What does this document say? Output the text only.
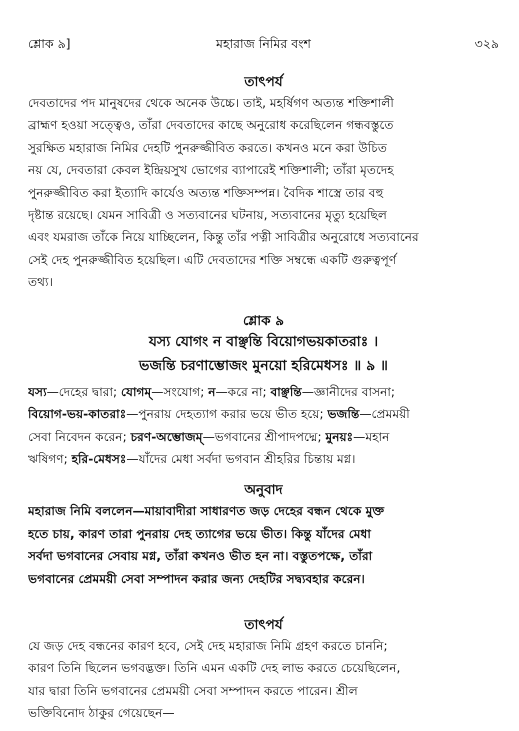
শ্লোক ৯]	মহারাজ নিমির বংশ	৩২৯
তাৎপর্য
দেবতাদের পদ মানুষদের থেকে অনেক উচ্চে। তাই, মহর্ষিগণ অত্যন্ত শক্তিশালী
ব্রাহ্মণ হওয়া সত্ত্বেও, তাঁরা দেবতাদের কাছে অনুরোধ করেছিলেন গন্ধবস্তুতে
সুরক্ষিত মহারাজ নিমির দেহটি পুনরুজ্জীবিত করতে। কখনও মনে করা উচিত
নয় যে, দেবতারা কেবল ইন্দ্রিয়সুখ ভোগের ব্যাপারেই শক্তিশালী; তাঁরা মৃতদেহ
পুনরুজ্জীবিত করা ইত্যাদি কার্যেও অত্যন্ত শক্তিসম্পন্ন। বৈদিক শাস্ত্রে তার বহু
দৃষ্টান্ত রয়েছে। যেমন সাবিত্রী ও সত্যবানের ঘটনায়, সত্যবানের মৃত্যু হয়েছিল
এবং যমরাজ তাঁকে নিয়ে যাচ্ছিলেন, কিন্তু তাঁর পত্নী সাবিত্রীর অনুরোধে সত্যবানের
সেই দেহ পুনরুজ্জীবিত হয়েছিল। এটি দেবতাদের শক্তি সম্বন্ধে একটি গুরুত্বপূর্ণ
তথ্য।
শ্লোক ৯
যস্য যোগং ন বাঞ্ছন্তি বিয়োগভয়কাতরাঃ ।
ভজন্তি চরণাম্ভোজং মুনয়ো হরিমেধসঃ ॥ ৯ ॥
যস্য—দেহের দ্বারা; যোগম্—সংযোগ; ন—করে না; বাঞ্ছন্তি—জ্ঞানীদের বাসনা;
বিয়োগ-ভয়-কাতরাঃ—পুনরায় দেহত্যাগ করার ভয়ে ভীত হয়ে; ভজন্তি—প্রেমময়ী
সেবা নিবেদন করেন; চরণ-অম্ভোজম্—ভগবানের শ্রীপাদপদ্মে; মুনয়ঃ—মহান
ঋষিগণ; হরি-মেধসঃ—যাঁদের মেধা সর্বদা ভগবান শ্রীহরির চিন্তায় মগ্ন।
অনুবাদ
মহারাজ নিমি বললেন—মায়াবাদীরা সাধারণত জড় দেহের বন্ধন থেকে মুক্ত
হতে চায়, কারণ তারা পুনরায় দেহ ত্যাগের ভয়ে ভীত। কিন্তু যাঁদের মেধা
সর্বদা ভগবানের সেবায় মগ্ন, তাঁরা কখনও ভীত হন না। বস্তুতপক্ষে, তাঁরা
ভগবানের প্রেমময়ী সেবা সম্পাদন করার জন্য দেহটির সদ্ব্যবহার করেন।
তাৎপর্য
যে জড় দেহ বন্ধনের কারণ হবে, সেই দেহ মহারাজ নিমি গ্রহণ করতে চাননি;
কারণ তিনি ছিলেন ভগবদ্ভক্ত। তিনি এমন একটি দেহ লাভ করতে চেয়েছিলেন,
যার দ্বারা তিনি ভগবানের প্রেমময়ী সেবা সম্পাদন করতে পারেন। শ্রীল
ভক্তিবিনোদ ঠাকুর গেয়েছেন—
